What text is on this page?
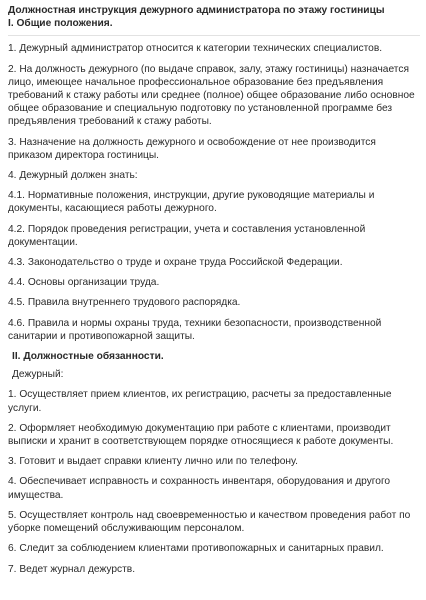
Должностная инструкция дежурного администратора по этажу гостиницы

I. Общие положения.

1. Дежурный администратор относится к категории технических специалистов.

2. На должность дежурного (по выдаче справок, залу, этажу гостиницы) назначается лицо, имеющее начальное профессиональное образование без предъявления требований к стажу работы или среднее (полное) общее образование либо основное общее образование и специальную подготовку по установленной программе без предъявления требований к стажу работы.

3. Назначение на должность дежурного и освобождение от нее производится приказом директора гостиницы.

4. Дежурный должен знать:

4.1. Нормативные положения, инструкции, другие руководящие материалы и документы, касающиеся работы дежурного.

4.2. Порядок проведения регистрации, учета и составления установленной документации.

4.3. Законодательство о труде и охране труда Российской Федерации.

4.4. Основы организации труда.

4.5. Правила внутреннего трудового распорядка.

4.6. Правила и нормы охраны труда, техники безопасности, производственной санитарии и противопожарной защиты.

II. Должностные обязанности.

Дежурный:

1. Осуществляет прием клиентов, их регистрацию, расчеты за предоставленные услуги.

2. Оформляет необходимую документацию при работе с клиентами, производит выписки и хранит в соответствующем порядке относящиеся к работе документы.

3. Готовит и выдает справки клиенту лично или по телефону.

4. Обеспечивает исправность и сохранность инвентаря, оборудования и другого имущества.

5. Осуществляет контроль над своевременностью и качеством проведения работ по уборке помещений обслуживающим персоналом.

6. Следит за соблюдением клиентами противопожарных и санитарных правил.

7. Ведет журнал дежурств.
